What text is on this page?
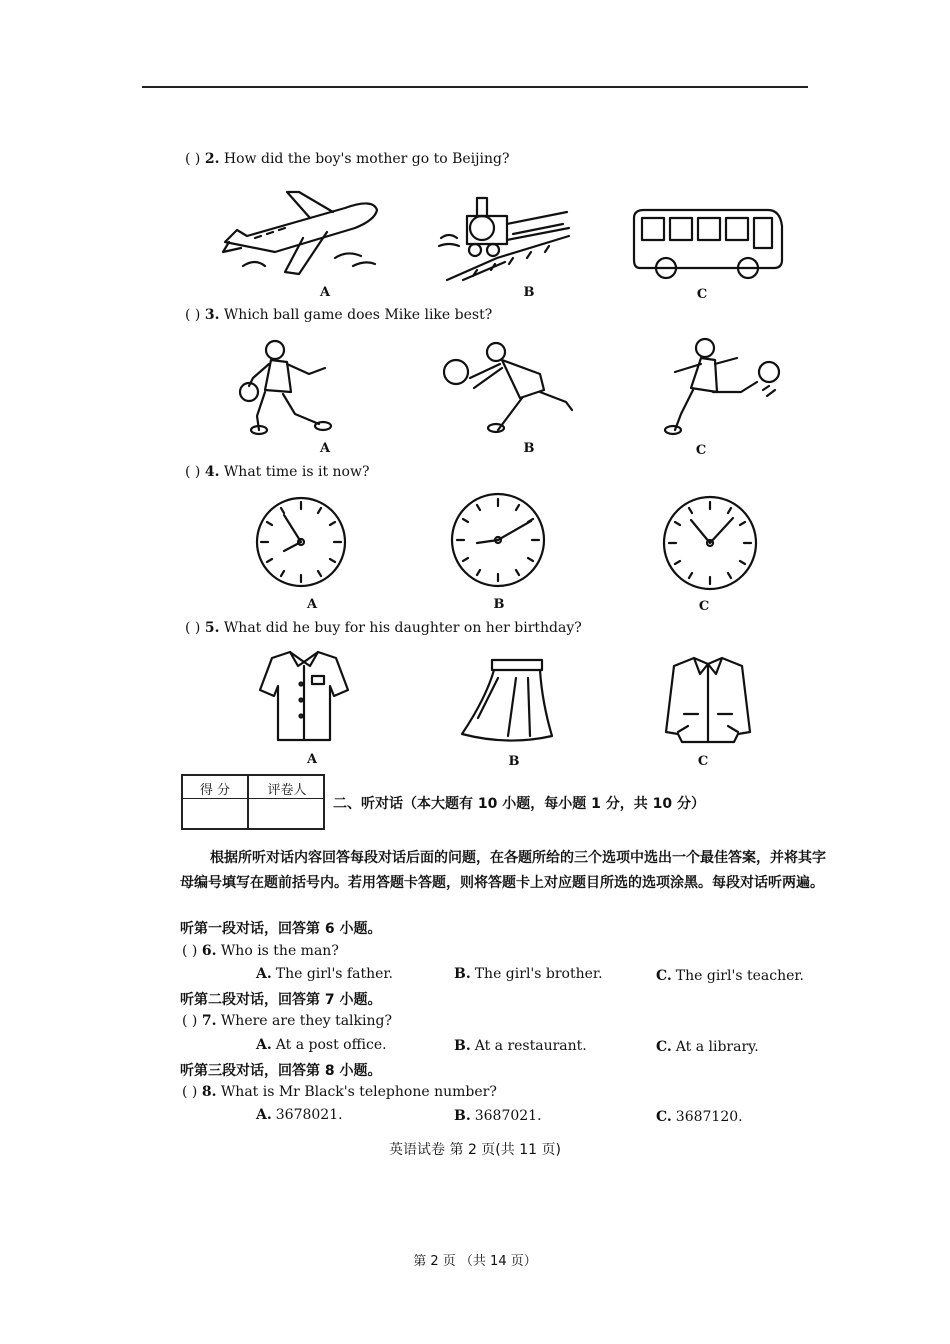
( ) 2. How did the boy's mother go to Beijing?
A	B	C
( ) 3. Which ball game does Mike like best?
A	B	C
( ) 4. What time is it now?
A	B	C
( ) 5. What did he buy for his daughter on her birthday?
A	B	C
得 分	评卷人
二、听对话（本大题有 10 小题，每小题 1 分，共 10 分）
根据所听对话内容回答每段对话后面的问题，在各题所给的三个选项中选出一个最佳答案，并将其字母编号填写在题前括号内。若用答题卡答题，则将答题卡上对应题目所选的选项涂黑。每段对话听两遍。
听第一段对话，回答第 6 小题。
( ) 6. Who is the man?
A. The girl's father.	B. The girl's brother.	C. The girl's teacher.
听第二段对话，回答第 7 小题。
( ) 7. Where are they talking?
A. At a post office.	B. At a restaurant.	C. At a library.
听第三段对话，回答第 8 小题。
( ) 8. What is Mr Black's telephone number?
A. 3678021.	B. 3687021.	C. 3687120.
英语试卷 第 2 页(共 11 页)
第 2 页 （共 14 页）
